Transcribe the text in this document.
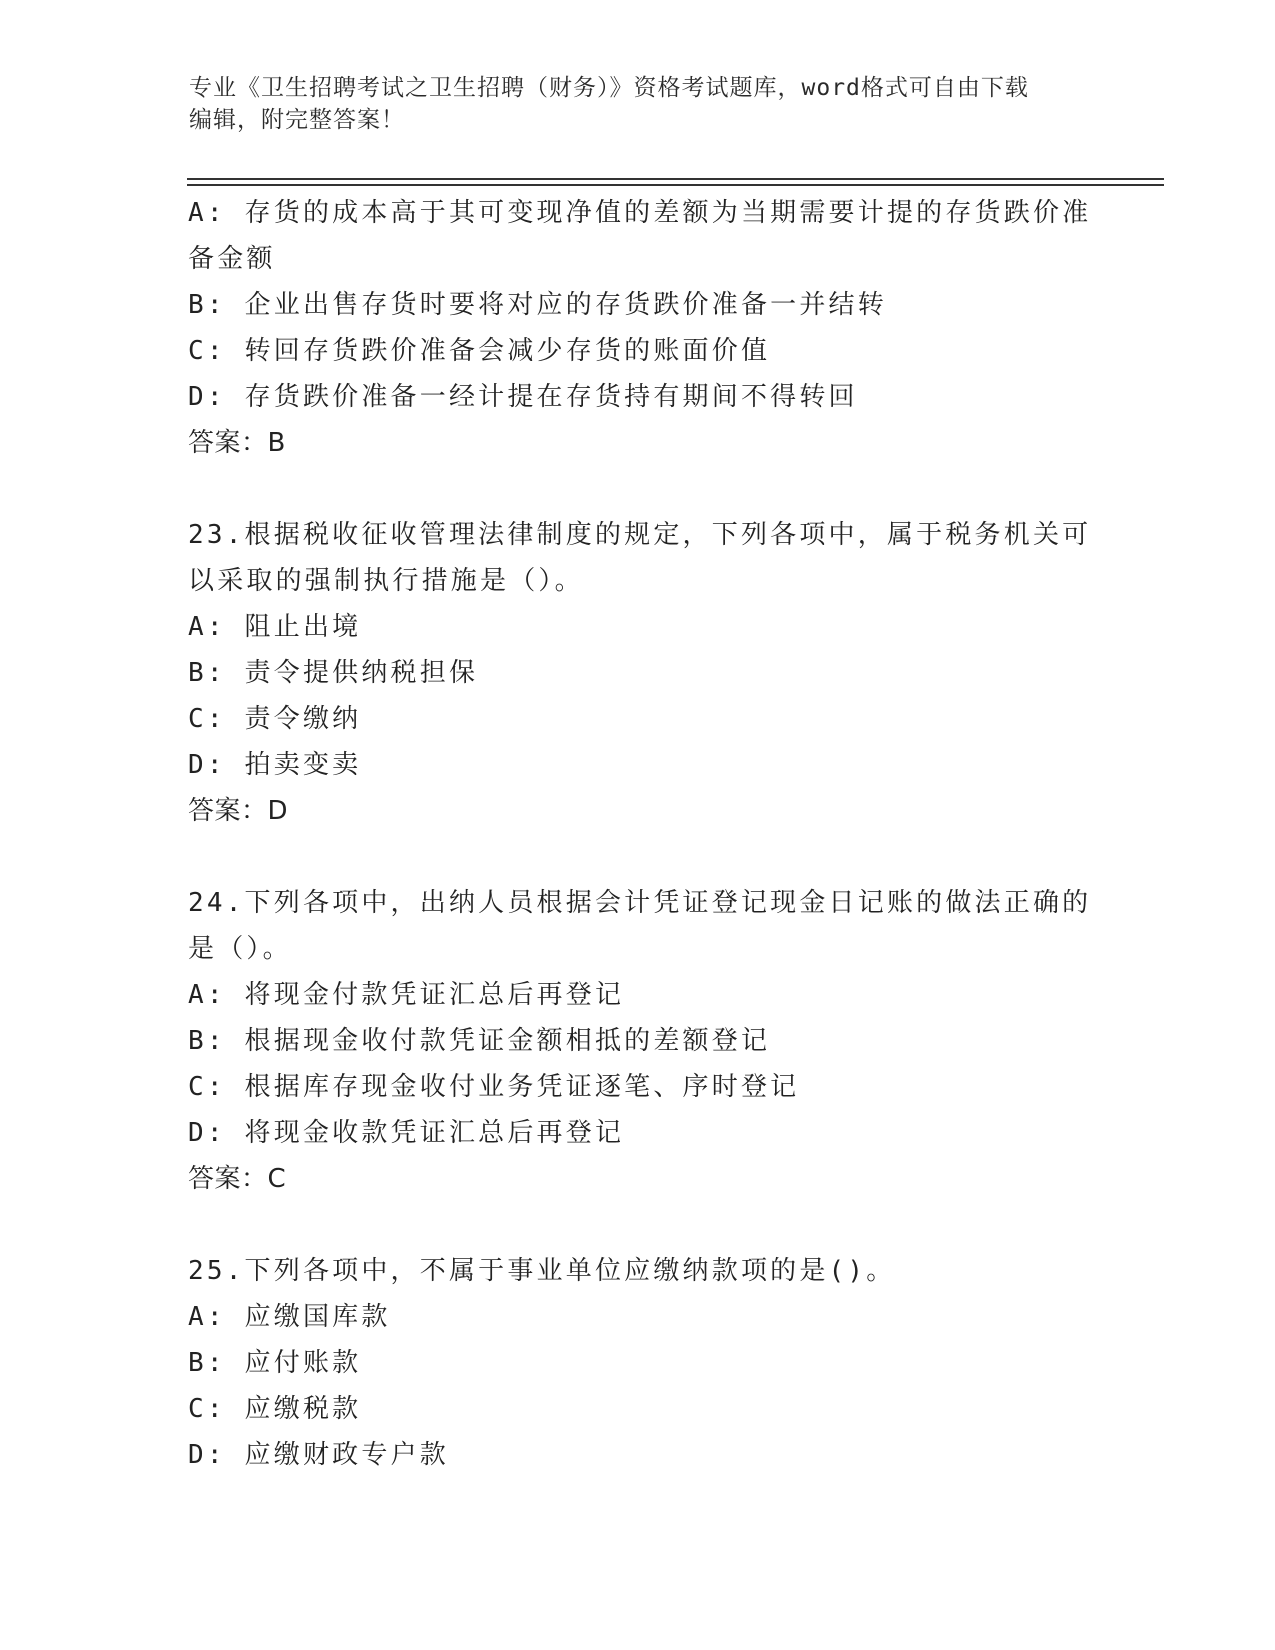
专业《卫生招聘考试之卫生招聘（财务）》资格考试题库，word格式可自由下载
编辑，附完整答案！
A: 存货的成本高于其可变现净值的差额为当期需要计提的存货跌价准
备金额
B: 企业出售存货时要将对应的存货跌价准备一并结转
C: 转回存货跌价准备会减少存货的账面价值
D: 存货跌价准备一经计提在存货持有期间不得转回
答案：B
23.根据税收征收管理法律制度的规定，下列各项中，属于税务机关可
以采取的强制执行措施是（）。
A: 阻止出境
B: 责令提供纳税担保
C: 责令缴纳
D: 拍卖变卖
答案：D
24.下列各项中，出纳人员根据会计凭证登记现金日记账的做法正确的
是（）。
A: 将现金付款凭证汇总后再登记
B: 根据现金收付款凭证金额相抵的差额登记
C: 根据库存现金收付业务凭证逐笔、序时登记
D: 将现金收款凭证汇总后再登记
答案：C
25.下列各项中，不属于事业单位应缴纳款项的是()。
A: 应缴国库款
B: 应付账款
C: 应缴税款
D: 应缴财政专户款
